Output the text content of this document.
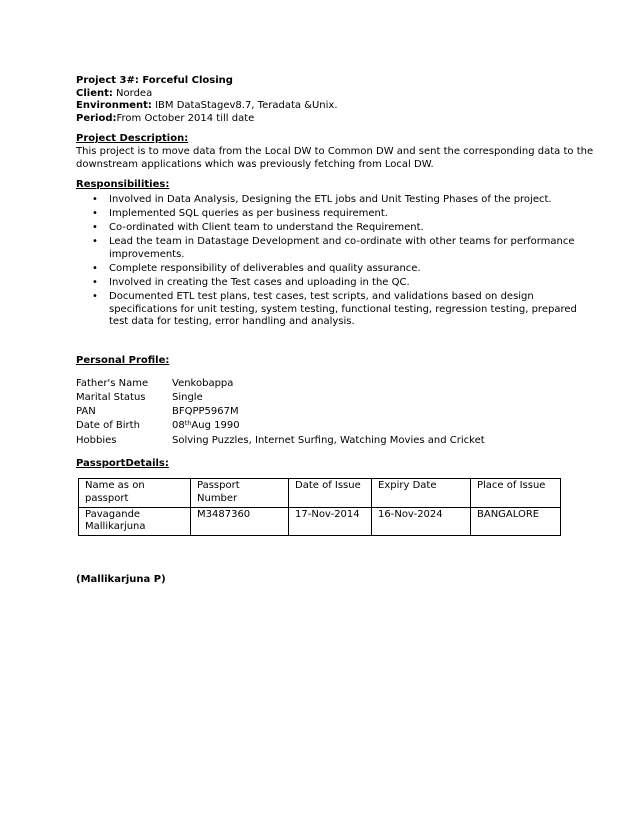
Project 3#: Forceful Closing
Client: Nordea
Environment: IBM DataStagev8.7, Teradata &Unix.
Period:From October 2014 till date
Project Description:
This project is to move data from the Local DW to Common DW and sent the corresponding data to the
downstream applications which was previously fetching from Local DW.
Responsibilities:
• Involved in Data Analysis, Designing the ETL jobs and Unit Testing Phases of the project.
• Implemented SQL queries as per business requirement.
• Co-ordinated with Client team to understand the Requirement.
• Lead the team in Datastage Development and co-ordinate with other teams for performance
improvements.
• Complete responsibility of deliverables and quality assurance.
• Involved in creating the Test cases and uploading in the QC.
• Documented ETL test plans, test cases, test scripts, and validations based on design
specifications for unit testing, system testing, functional testing, regression testing, prepared
test data for testing, error handling and analysis.
Personal Profile:
Father's Name	Venkobappa
Marital Status	Single
PAN	BFQPP5967M
Date of Birth	08thAug 1990
Hobbies	Solving Puzzles, Internet Surfing, Watching Movies and Cricket
PassportDetails:
Name as on passport	Passport Number	Date of Issue	Expiry Date	Place of Issue

Pavagande
Mallikarjuna	M3487360	17-Nov-2014	16-Nov-2024	BANGALORE
(Mallikarjuna P)
